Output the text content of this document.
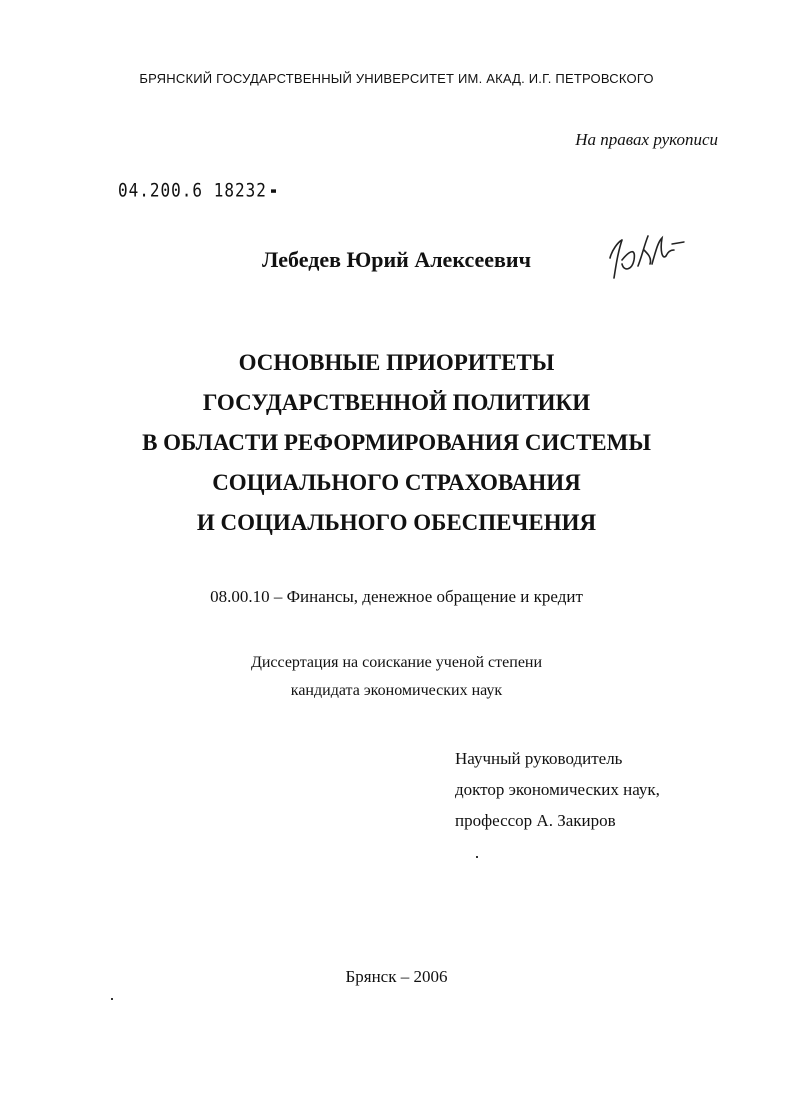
БРЯНСКИЙ ГОСУДАРСТВЕННЫЙ УНИВЕРСИТЕТ ИМ. АКАД. И.Г. ПЕТРОВСКОГО
На правах рукописи
04.200.6 18232
Лебедев Юрий Алексеевич
ОСНОВНЫЕ ПРИОРИТЕТЫ
ГОСУДАРСТВЕННОЙ ПОЛИТИКИ
В ОБЛАСТИ РЕФОРМИРОВАНИЯ СИСТЕМЫ
СОЦИАЛЬНОГО СТРАХОВАНИЯ
И СОЦИАЛЬНОГО ОБЕСПЕЧЕНИЯ
08.00.10 – Финансы, денежное обращение и кредит
Диссертация на соискание ученой степени
кандидата экономических наук
Научный руководитель
доктор экономических наук,
профессор А. Закиров
Брянск – 2006
